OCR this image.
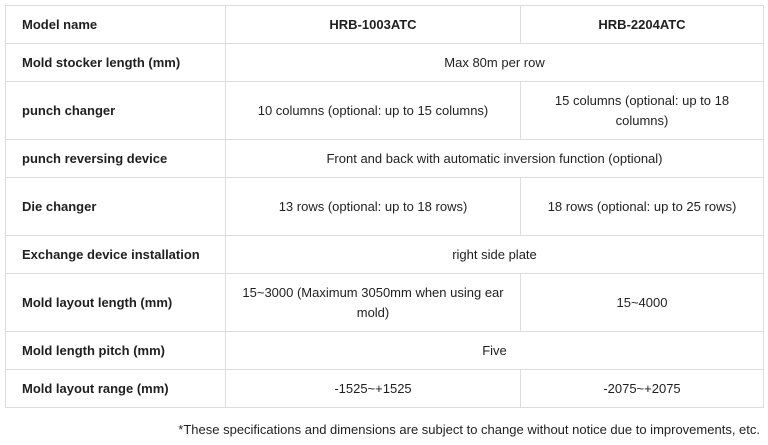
Model name	HRB-1003ATC	HRB-2204ATC
Mold stocker length (mm)	Max 80m per row	
punch changer	10 columns (optional: up to 15 columns)	15 columns (optional: up to 18 columns)
punch reversing device	Front and back with automatic inversion function (optional)	
Die changer	13 rows (optional: up to 18 rows)	18 rows (optional: up to 25 rows)
Exchange device installation	right side plate	
Mold layout length (mm)	15~3000 (Maximum 3050mm when using ear mold)	15~4000
Mold length pitch (mm)	Five	
Mold layout range (mm)	-1525~+1525	-2075~+2075
*These specifications and dimensions are subject to change without notice due to improvements, etc.
